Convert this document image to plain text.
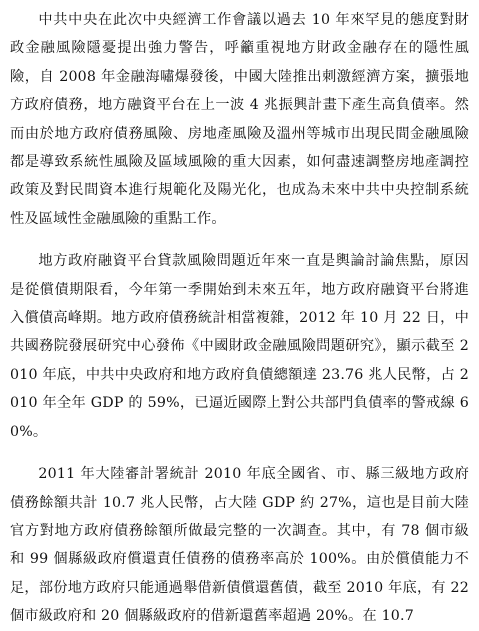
中共中央在此次中央經濟工作會議以過去 10 年來罕見的態度對財政金融風險隱憂提出強力警告，呼籲重視地方財政金融存在的隱性風險，自 2008 年金融海嘯爆發後，中國大陸推出刺激經濟方案，擴張地方政府債務，地方融資平台在上一波 4 兆振興計畫下產生高負債率。然而由於地方政府債務風險、房地產風險及溫州等城市出現民間金融風險都是導致系統性風險及區域風險的重大因素，如何盡速調整房地產調控政策及對民間資本進行規範化及陽光化，也成為未來中共中央控制系統性及區域性金融風險的重點工作。

地方政府融資平台貸款風險問題近年來一直是輿論討論焦點，原因是從償債期限看，今年第一季開始到未來五年，地方政府融資平台將進入償債高峰期。地方政府債務統計相當複雜，2012 年 10 月 22 日，中共國務院發展研究中心發佈《中國財政金融風險問題研究》，顯示截至 2010 年底，中共中央政府和地方政府負債總額達 23.76 兆人民幣，占 2010 年全年 GDP 的 59%，已逼近國際上對公共部門負債率的警戒線 60%。

2011 年大陸審計署統計 2010 年底全國省、市、縣三級地方政府債務餘額共計 10.7 兆人民幣，占大陸 GDP 約 27%，這也是目前大陸官方對地方政府債務餘額所做最完整的一次調查。其中，有 78 個市級和 99 個縣級政府償還責任債務的債務率高於 100%。由於償債能力不足，部份地方政府只能通過舉借新債償還舊債，截至 2010 年底，有 22 個市級政府和 20 個縣級政府的借新還舊率超過 20%。在 10.7
